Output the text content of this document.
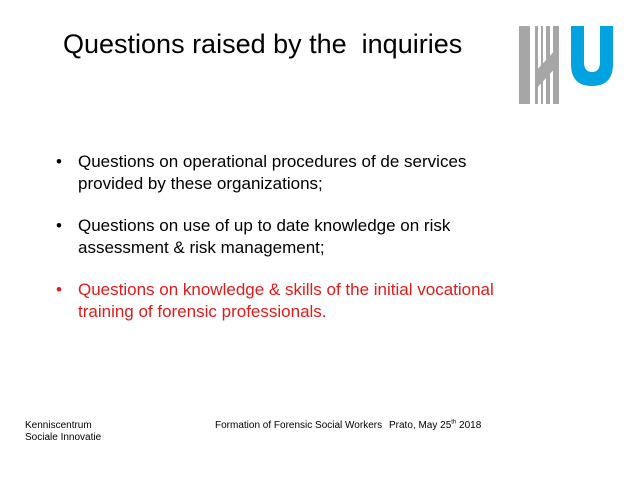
Questions raised by the  inquiries
• Questions on operational procedures of de services
provided by these organizations;
• Questions on use of up to date knowledge on risk
assessment & risk management;
• Questions on knowledge & skills of the initial vocational
training of forensic professionals.
Kenniscentrum
Sociale Innovatie
Formation of Forensic Social Workers Prato, May 25th 2018
